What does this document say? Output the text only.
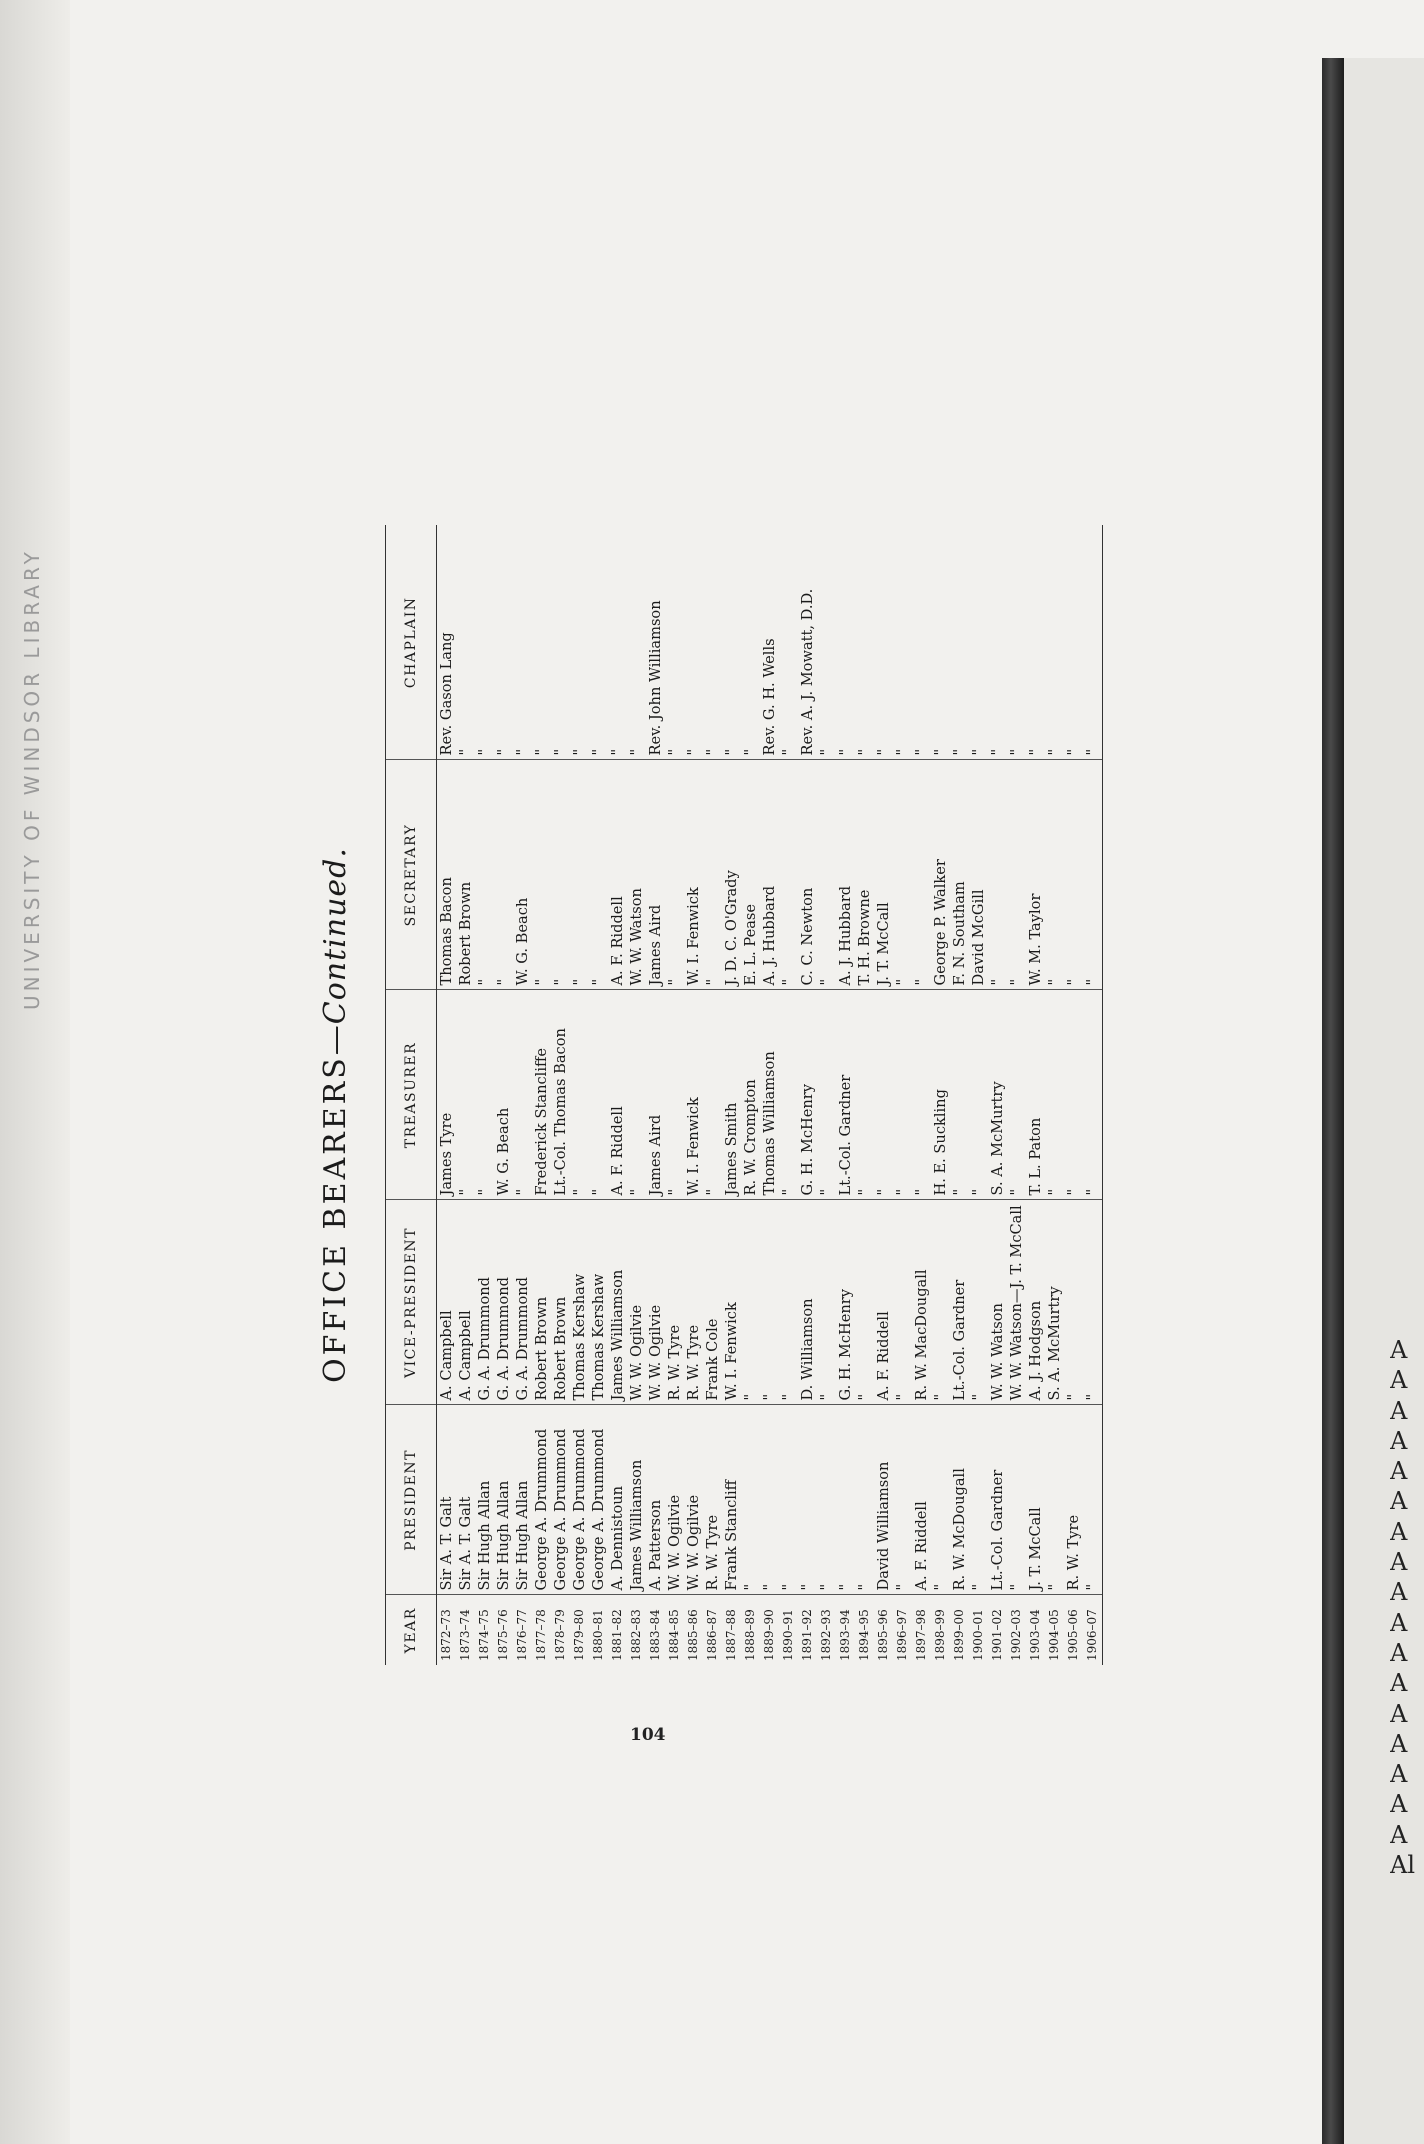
UNIVERSITY OF WINDSOR LIBRARY
OFFICE BEARERS—Continued.
YEAR	PRESIDENT	VICE-PRESIDENT	TREASURER	SECRETARY	CHAPLAIN
1872–73	Sir A. T. Galt	A. Campbell	James Tyre	Thomas Bacon	Rev. Gason Lang
1873–74	Sir A. T. Galt	A. Campbell	"	Robert Brown	"
1874–75	Sir Hugh Allan	G. A. Drummond	"	"	"
1875–76	Sir Hugh Allan	G. A. Drummond	W. G. Beach	"	"
1876–77	Sir Hugh Allan	G. A. Drummond	"	W. G. Beach	"
1877–78	George A. Drummond	Robert Brown	Frederick Stancliffe	"	"
1878–79	George A. Drummond	Robert Brown	Lt.-Col. Thomas Bacon	"	"
1879–80	George A. Drummond	Thomas Kershaw	"	"	"
1880–81	George A. Drummond	Thomas Kershaw	"	"	"
1881–82	A. Dennistoun	James Williamson	A. F. Riddell	A. F. Riddell	"
1882–83	James Williamson	W. W. Ogilvie	"	W. W. Watson	"
1883–84	A. Patterson	W. W. Ogilvie	James Aird	James Aird	Rev. John Williamson
1884–85	W. W. Ogilvie	R. W. Tyre	"	"	"
1885–86	W. W. Ogilvie	R. W. Tyre	W. I. Fenwick	W. I. Fenwick	"
1886–87	R. W. Tyre	Frank Cole	"	"	"
1887–88	Frank Stancliff	W. I. Fenwick	James Smith	J. D. C. O'Grady	"
1888–89	"	"	R. W. Crompton	E. L. Pease	"
1889–90	"	"	Thomas Williamson	A. J. Hubbard	Rev. G. H. Wells
1890–91	"	"	"	"	"
1891–92	"	D. Williamson	G. H. McHenry	C. C. Newton	Rev. A. J. Mowatt, D.D.
1892–93	"	"	"	"	"
1893–94	"	G. H. McHenry	Lt.-Col. Gardner	A. J. Hubbard	"
1894–95	"	"	"	T. H. Browne	"
1895–96	David Williamson	A. F. Riddell	"	J. T. McCall	"
1896–97	"	"	"	"	"
1897–98	A. F. Riddell	R. W. MacDougall	"	"	"
1898–99	"	"	H. E. Suckling	George P. Walker	"
1899–00	R. W. McDougall	Lt.-Col. Gardner	"	F. N. Southam	"
1900–01	"	"	"	David McGill	"
1901–02	Lt.-Col. Gardner	W. W. Watson	S. A. McMurtry	"	"
1902–03	"	W. W. Watson—J. T. McCall	"	"	"
1903–04	J. T. McCall	A. J. Hodgson	T. L. Paton	W. M. Taylor	"
1904–05	"	S. A. McMurtry	"	"	"
1905–06	R. W. Tyre	"	"	"	"
1906–07	"	"	"	"	"
104
A
A
A
A
A
A
A
A
A
A
A
A
A
A
A
A
A
Al
